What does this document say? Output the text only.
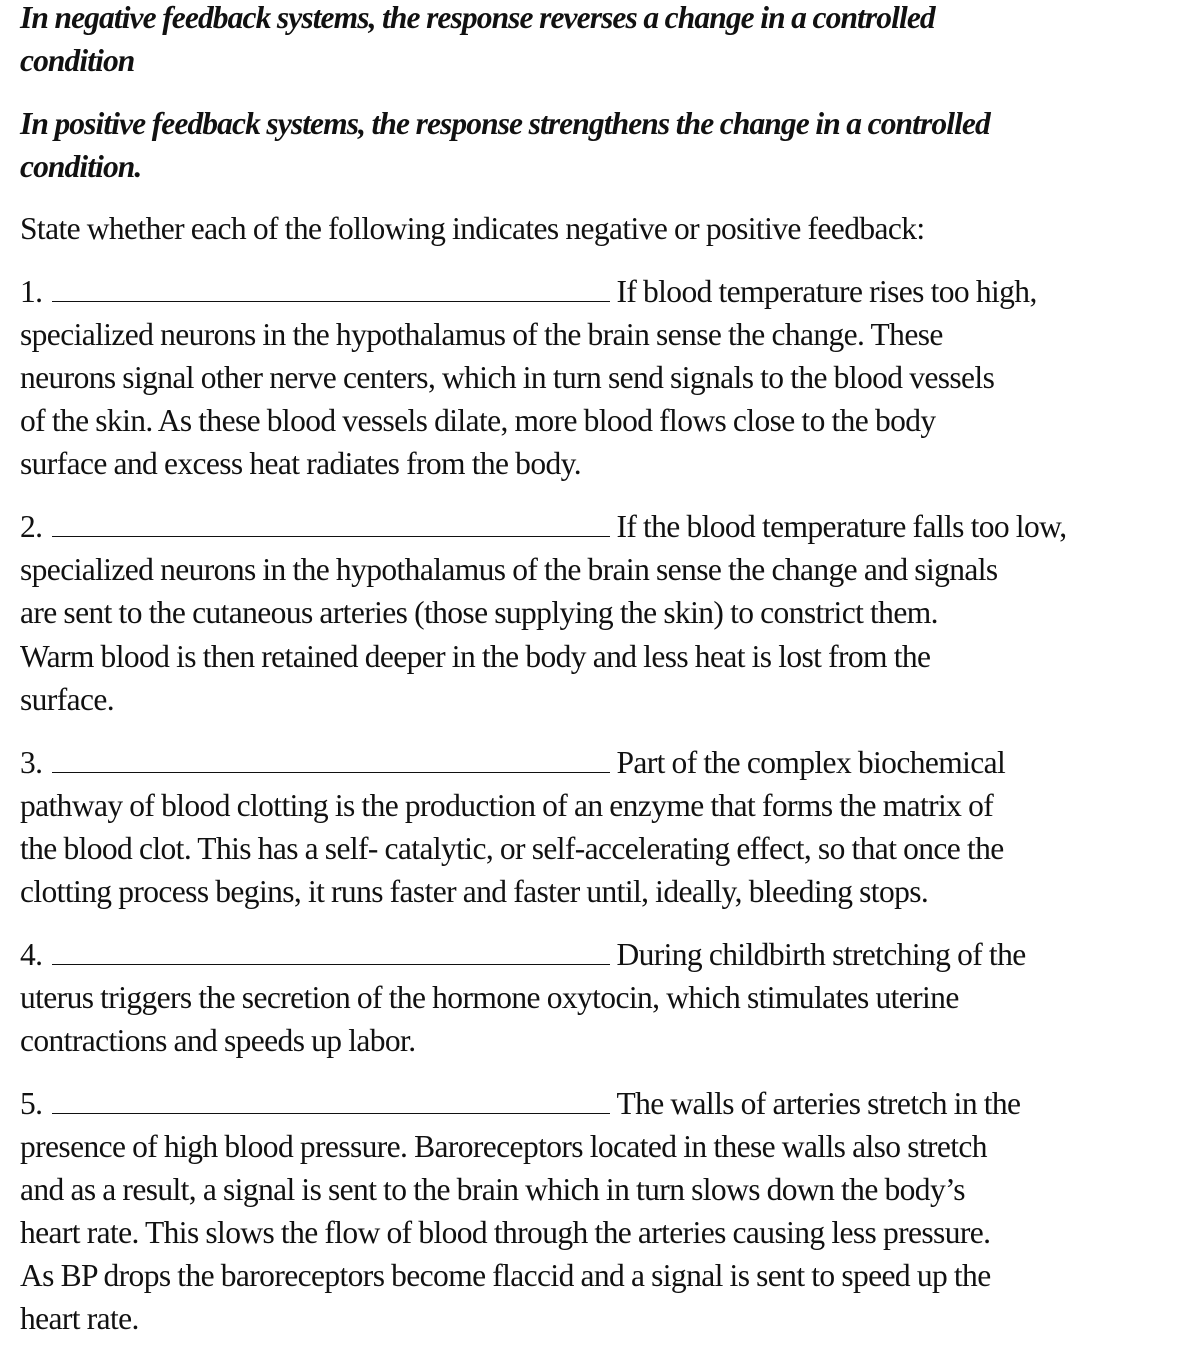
In negative feedback systems, the response reverses a change in a controlled
condition
In positive feedback systems, the response strengthens the change in a controlled
condition.
State whether each of the following indicates negative or positive feedback:
1.	If blood temperature rises too high,
specialized neurons in the hypothalamus of the brain sense the change. These
neurons signal other nerve centers, which in turn send signals to the blood vessels
of the skin. As these blood vessels dilate, more blood flows close to the body
surface and excess heat radiates from the body.
2.	If the blood temperature falls too low,
specialized neurons in the hypothalamus of the brain sense the change and signals
are sent to the cutaneous arteries (those supplying the skin) to constrict them.
Warm blood is then retained deeper in the body and less heat is lost from the
surface.
3.	Part of the complex biochemical
pathway of blood clotting is the production of an enzyme that forms the matrix of
the blood clot. This has a self- catalytic, or self-accelerating effect, so that once the
clotting process begins, it runs faster and faster until, ideally, bleeding stops.
4.	During childbirth stretching of the
uterus triggers the secretion of the hormone oxytocin, which stimulates uterine
contractions and speeds up labor.
5.	The walls of arteries stretch in the
presence of high blood pressure. Baroreceptors located in these walls also stretch
and as a result, a signal is sent to the brain which in turn slows down the body’s
heart rate. This slows the flow of blood through the arteries causing less pressure.
As BP drops the baroreceptors become flaccid and a signal is sent to speed up the
heart rate.
